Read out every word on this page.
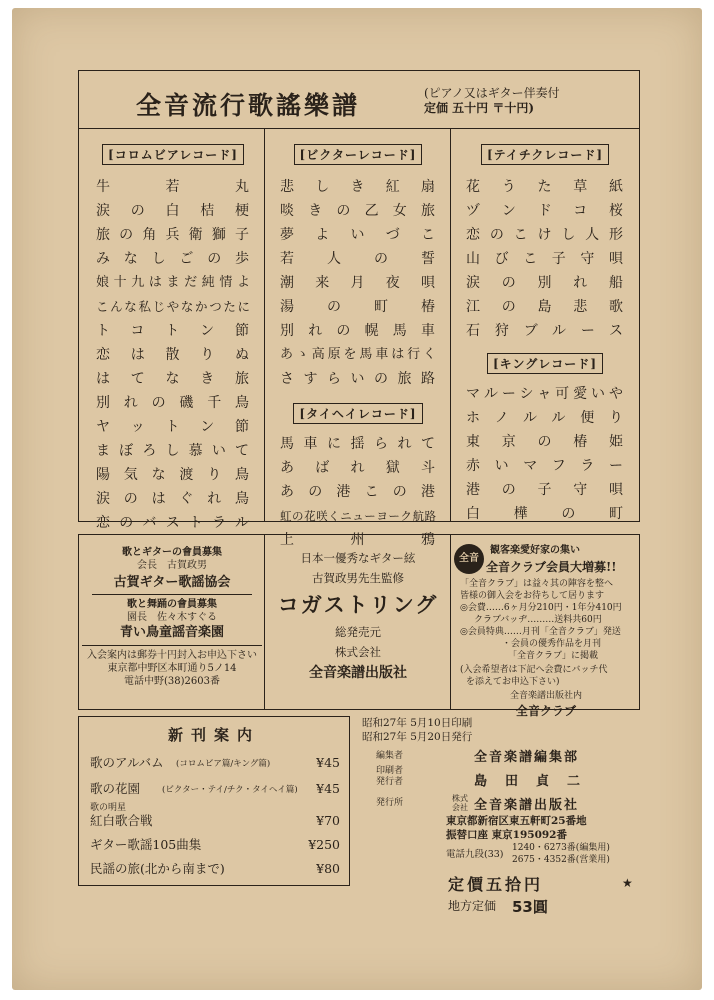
全音流行歌謠樂譜	(ピアノ又はギター伴奏付
定価 五十円 〒十円)
[ コロムビアレコード ]
牛若丸
涙の白桔梗
旅の角兵衛獅子
みなしごの歩
娘十九はまだ純情よ
こんな私じやなかつたに
トコトン節
恋は散りぬ
はてなき旅
別れの磯千鳥
ヤットン節
まぼろし慕いて
陽気な渡り鳥
涙のはぐれ鳥
恋のバストラル
[ ビクターレコード ]
悲しき紅扇
啖きの乙女旅
夢よいづこ
若人の誓
潮来月夜唄
湯の町椿
別れの幌馬車
あゝ高原を馬車は行く
さすらいの旅路
[ タイヘイレコード ]
馬車に揺られて
あばれ獄斗
あの港この港
虹の花咲くニューヨーク航路
上州鴉
[ テイチクレコード ]
花うた草紙
ヅンドコ桜
恋のこけし人形
山びこ子守唄
涙の別れ船
江の島悲歌
石狩ブルース
[ キングレコード ]
マルーシャ可愛いや
ホノルル便り
東京の椿姫
赤いマフラー
港の子守唄
白樺の町
歌とギターの會員募集
会長　古賀政男
古賀ギター歌謡協会
歌と舞踊の會員募集
園長　佐々木すぐる
青い鳥童謡音楽園
入会案内は郵券十円封入お申込下さい
東京都中野区本町通り5ノ14
電話中野(38)2603番
日本一優秀なギター絃
古賀政男先生監修
コガストリング
総発売元
株式会社
全音楽譜出版社
全音
観客楽愛好家の集い
全音クラブ会員大増募!!
「全音クラブ」は益々其の陣容を整へ
皆様の御入会をお待ちして居ります
◎会費……6ヶ月分210円・1年分410円
クラブバッヂ………送料共60円
◎会員特典……月刊「全音クラブ」発送
・会員の優秀作品を月刊
「全音クラブ」に掲載
(入会希望者は下記へ会費にバッチ代
を添えてお申込下さい)
全音楽譜出版社内
全音クラブ
新刊案内
歌のアルバム (コロムビア篇/キング篇)	¥45
歌の花園	(ビクター・テイ/チク・タイヘイ篇) ¥45
歌の明星
紅白歌合戦	¥70
ギター歌謡105曲集	¥250
民謡の旅(北から南まで)	¥80
昭和27年 5月10日印刷
昭和27年 5月20日発行
編集者	全音楽譜編集部
印刷者
発行者	島田貞二
発行所	株式会社 全音楽譜出版社
東京都新宿区東五軒町25番地
振替口座 東京195092番
電話九段(33)
1240・6273番(編集用)
2675・4352番(営業用)
定價五拾円	★
地方定価 53圓
